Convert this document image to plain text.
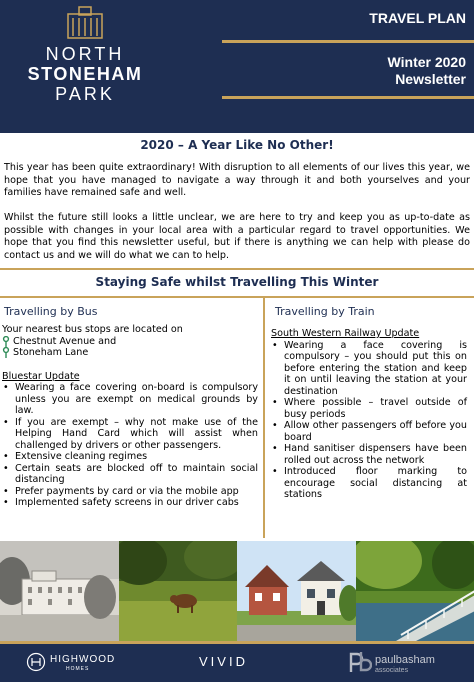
NORTH
STONEHAM
PARK
TRAVEL PLAN
Winter 2020
Newsletter
2020 – A Year Like No Other!

This year has been quite extraordinary! With disruption to all elements of our lives this year, we hope that you have managed to navigate a way through it and both yourselves and your families have remained safe and well.

Whilst the future still looks a little unclear, we are here to try and keep you as up-to-date as possible with changes in your local area with a particular regard to travel opportunities. We hope that you find this newsletter useful, but if there is anything we can help with please do contact us and we will do what we can to help.

Staying Safe whilst Travelling This Winter
Travelling by Bus
Your nearest bus stops are located on
Chestnut Avenue and
Stoneham Lane
Bluestar Update
• Wearing a face covering on-board is compulsory unless you are exempt on medical grounds by law.
• If you are exempt – why not make use of the Helping Hand Card which will assist when challenged by drivers or other passengers.
• Extensive cleaning regimes
• Certain seats are blocked off to maintain social distancing
• Prefer payments by card or via the mobile app
• Implemented safety screens in our driver cabs
Travelling by Train
South Western Railway Update
• Wearing a face covering is compulsory – you should put this on before entering the station and keep it on until leaving the station at your destination
• Where possible – travel outside of busy periods
• Allow other passengers off before you board
• Hand sanitiser dispensers have been rolled out across the network
• Introduced floor marking to encourage social distancing at stations
HIGHWOOD
HOMES	VIVID	paulbasham
associates
